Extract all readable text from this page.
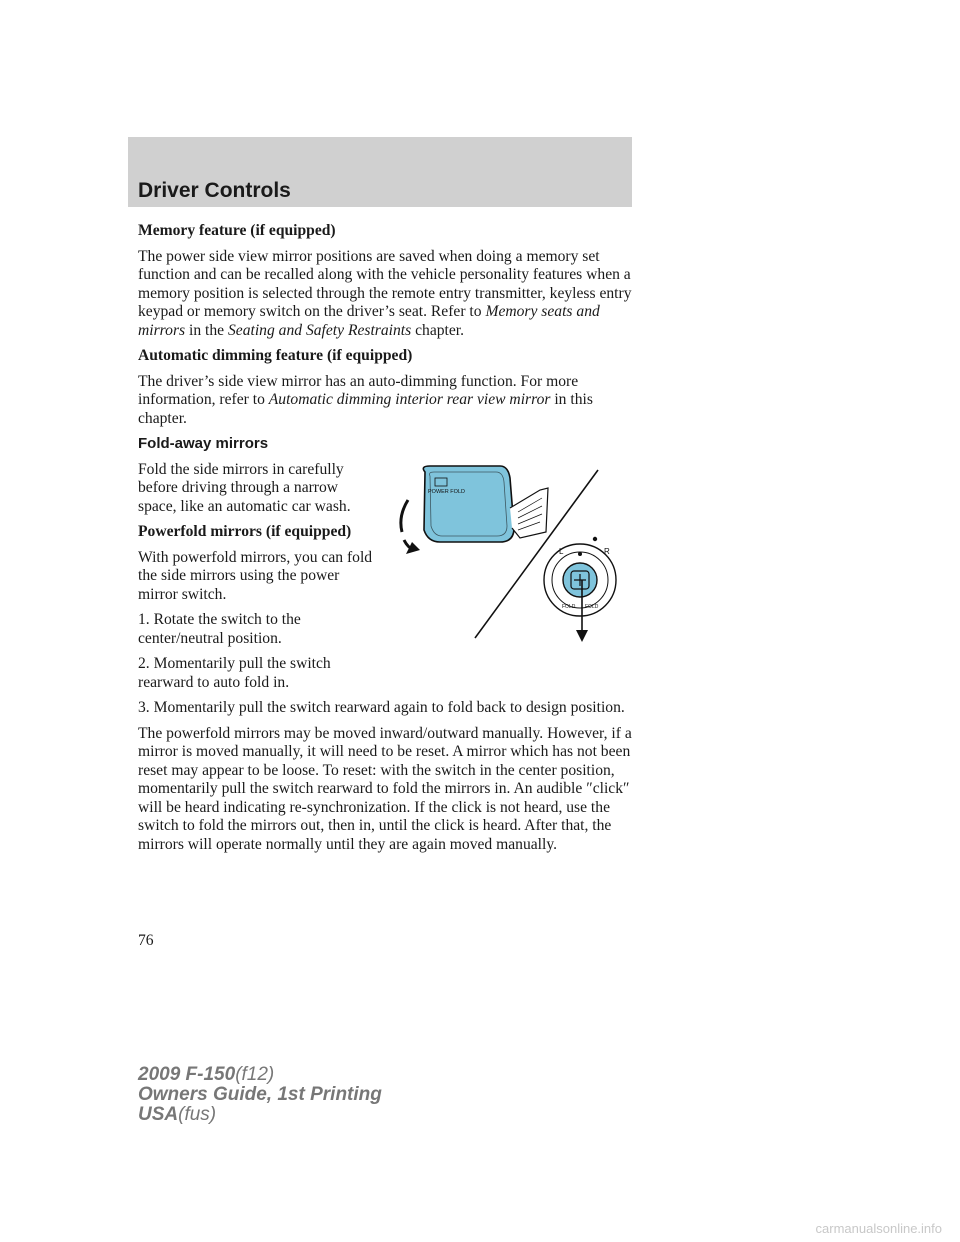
Driver Controls

Memory feature (if equipped)

The power side view mirror positions are saved when doing a memory set function and can be recalled along with the vehicle personality features when a memory position is selected through the remote entry transmitter, keyless entry keypad or memory switch on the driver’s seat. Refer to Memory seats and mirrors in the Seating and Safety Restraints chapter.

Automatic dimming feature (if equipped)

The driver’s side view mirror has an auto-dimming function. For more information, refer to Automatic dimming interior rear view mirror in this chapter.

Fold-away mirrors

Fold the side mirrors in carefully before driving through a narrow space, like an automatic car wash.

Powerfold mirrors (if equipped)

With powerfold mirrors, you can fold the side mirrors using the power mirror switch.

1. Rotate the switch to the center/neutral position.

2. Momentarily pull the switch rearward to auto fold in.

3. Momentarily pull the switch rearward again to fold back to design position.

The powerfold mirrors may be moved inward/outward manually. However, if a mirror is moved manually, it will need to be reset. A mirror which has not been reset may appear to be loose. To reset: with the switch in the center position, momentarily pull the switch rearward to fold the mirrors in. An audible ″click″ will be heard indicating re-synchronization. If the click is not heard, use the switch to fold the mirrors out, then in, until the click is heard. After that, the mirrors will operate normally until they are again moved manually.

POWER FOLD
L	R
FOLD FOLD
76
2009 F-150(f12)
Owners Guide, 1st Printing
USA(fus)
carmanualsonline.info
